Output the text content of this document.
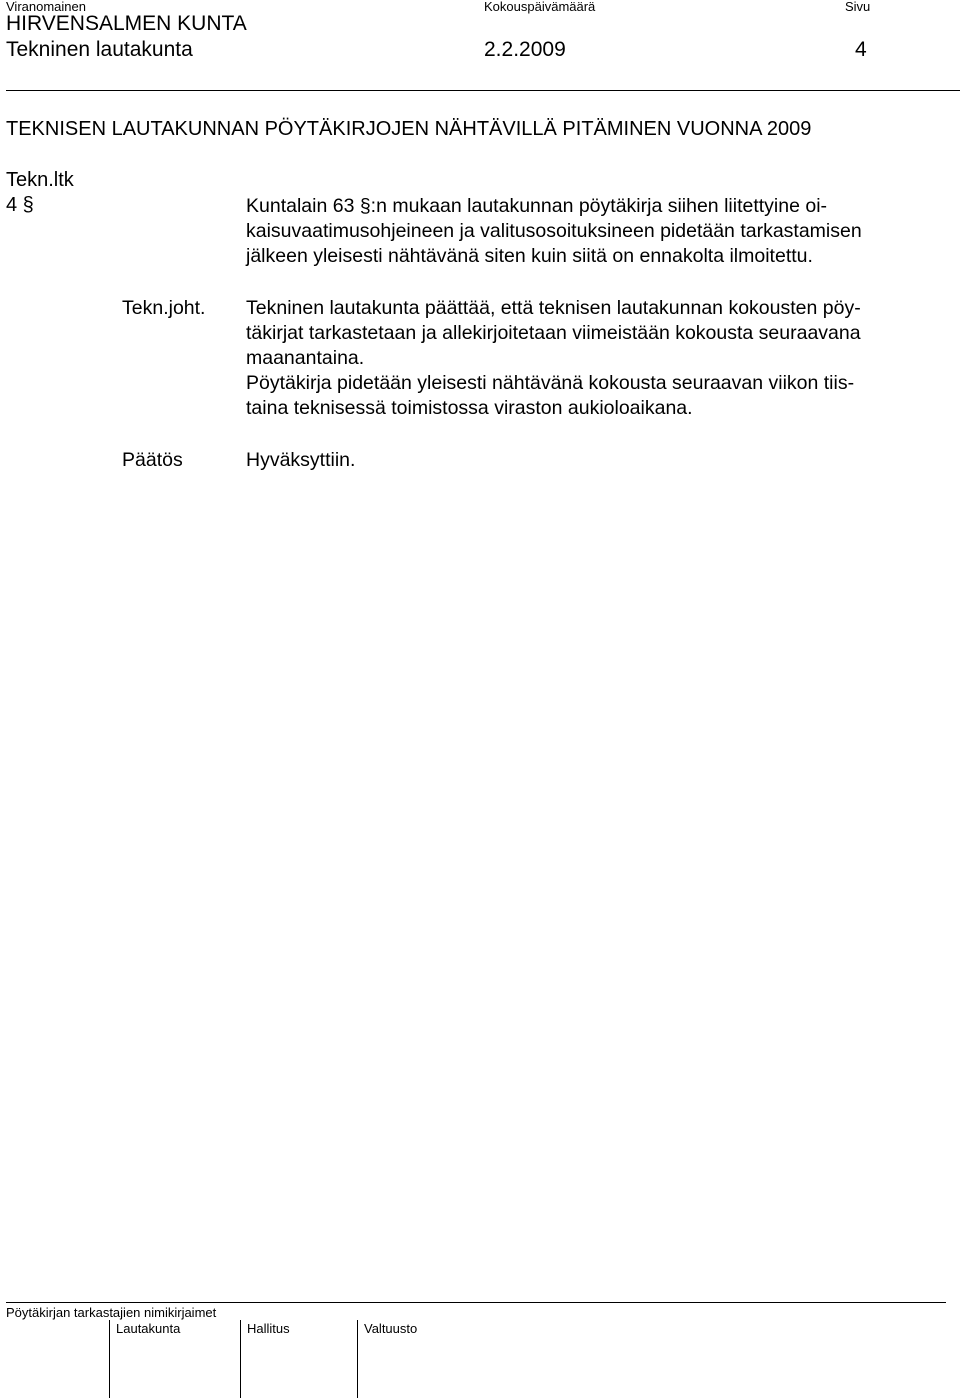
Viranomainen	Kokouspäivämäärä	Sivu
HIRVENSALMEN KUNTA
Tekninen lautakunta	2.2.2009	4
TEKNISEN LAUTAKUNNAN PÖYTÄKIRJOJEN NÄHTÄVILLÄ PITÄMINEN VUONNA 2009
Tekn.ltk
4 §	Kuntalain 63 §:n mukaan lautakunnan pöytäkirja siihen liitettyine oi-
kaisuvaatimusohjeineen ja valitusosoituksineen pidetään tarkastamisen
jälkeen yleisesti nähtävänä siten kuin siitä on ennakolta ilmoitettu.
Tekn.joht. Tekninen lautakunta päättää, että teknisen lautakunnan kokousten pöy-
täkirjat tarkastetaan ja allekirjoitetaan viimeistään kokousta seuraavana
maanantaina.
Pöytäkirja pidetään yleisesti nähtävänä kokousta seuraavan viikon tiis-
taina teknisessä toimistossa viraston aukioloaikana.
Päätös	Hyväksyttiin.
Pöytäkirjan tarkastajien nimikirjaimet
Lautakunta	Hallitus	Valtuusto
